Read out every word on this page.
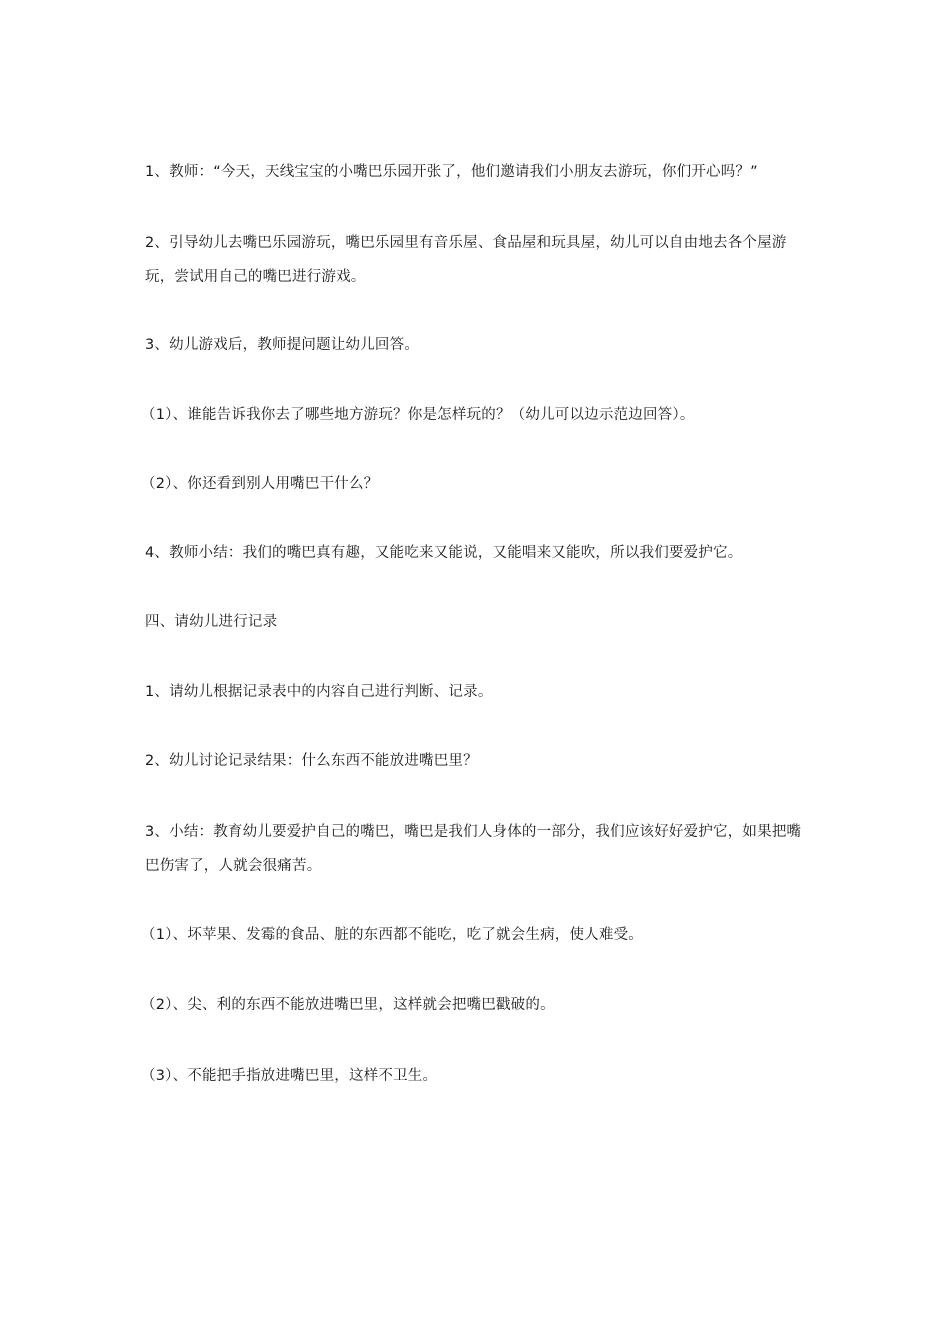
1、教师：“今天，天线宝宝的小嘴巴乐园开张了，他们邀请我们小朋友去游玩，你们开心吗？”

2、引导幼儿去嘴巴乐园游玩，嘴巴乐园里有音乐屋、食品屋和玩具屋，幼儿可以自由地去各个屋游玩，尝试用自己的嘴巴进行游戏。

3、幼儿游戏后，教师提问题让幼儿回答。

（1）、谁能告诉我你去了哪些地方游玩？你是怎样玩的？（幼儿可以边示范边回答）。

（2）、你还看到别人用嘴巴干什么？

4、教师小结：我们的嘴巴真有趣，又能吃来又能说，又能唱来又能吹，所以我们要爱护它。

四、请幼儿进行记录

1、请幼儿根据记录表中的内容自己进行判断、记录。

2、幼儿讨论记录结果：什么东西不能放进嘴巴里？

3、小结：教育幼儿要爱护自己的嘴巴，嘴巴是我们人身体的一部分，我们应该好好爱护它，如果把嘴巴伤害了，人就会很痛苦。

（1）、坏苹果、发霉的食品、脏的东西都不能吃，吃了就会生病，使人难受。

（2）、尖、利的东西不能放进嘴巴里，这样就会把嘴巴戳破的。

（3）、不能把手指放进嘴巴里，这样不卫生。
